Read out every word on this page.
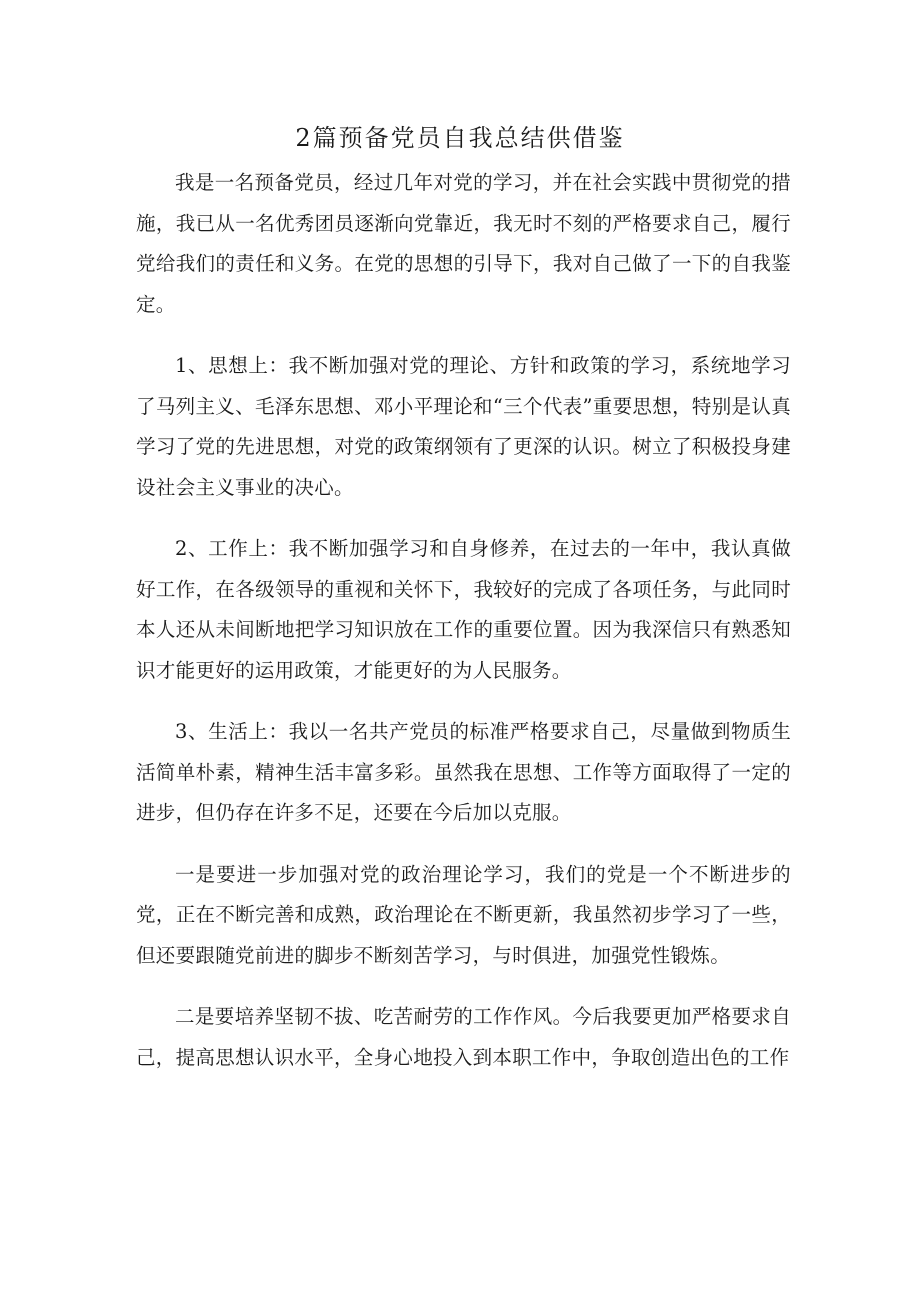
2篇预备党员自我总结供借鉴

我是一名预备党员，经过几年对党的学习，并在社会实践中贯彻党的措施，我已从一名优秀团员逐渐向党靠近，我无时不刻的严格要求自己，履行党给我们的责任和义务。在党的思想的引导下，我对自己做了一下的自我鉴定。

1、思想上：我不断加强对党的理论、方针和政策的学习，系统地学习了马列主义、毛泽东思想、邓小平理论和“三个代表”重要思想，特别是认真学习了党的先进思想，对党的政策纲领有了更深的认识。树立了积极投身建设社会主义事业的决心。

2、工作上：我不断加强学习和自身修养，在过去的一年中，我认真做好工作，在各级领导的重视和关怀下，我较好的完成了各项任务，与此同时本人还从未间断地把学习知识放在工作的重要位置。因为我深信只有熟悉知识才能更好的运用政策，才能更好的为人民服务。

3、生活上：我以一名共产党员的标准严格要求自己，尽量做到物质生活简单朴素，精神生活丰富多彩。虽然我在思想、工作等方面取得了一定的进步，但仍存在许多不足，还要在今后加以克服。

一是要进一步加强对党的政治理论学习，我们的党是一个不断进步的党，正在不断完善和成熟，政治理论在不断更新，我虽然初步学习了一些，但还要跟随党前进的脚步不断刻苦学习，与时俱进，加强党性锻炼。

二是要培养坚韧不拔、吃苦耐劳的工作作风。今后我要更加严格要求自己，提高思想认识水平，全身心地投入到本职工作中，争取创造出色的工作
